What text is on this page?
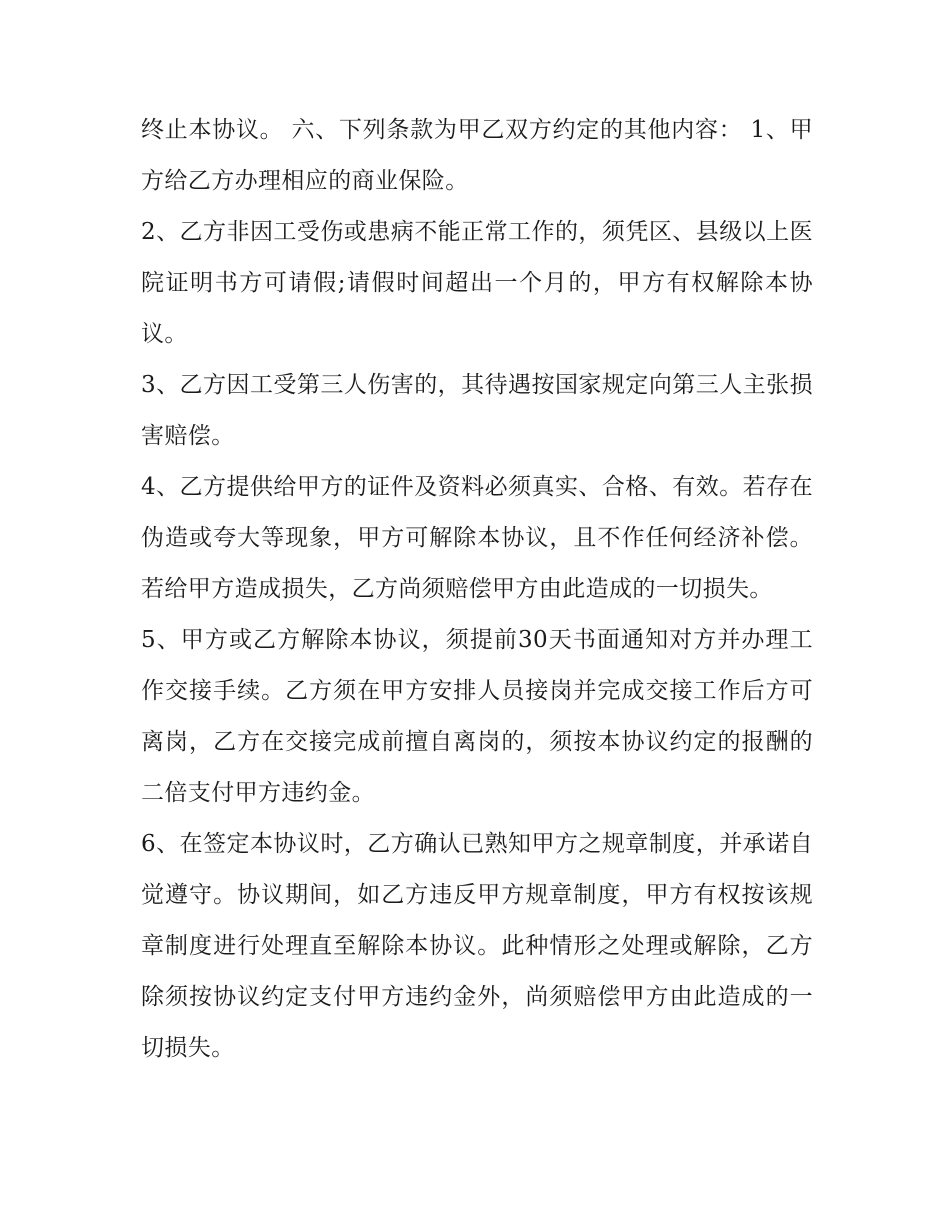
终止本协议。 六、下列条款为甲乙双方约定的其他内容： 1、甲方给乙方办理相应的商业保险。

2、乙方非因工受伤或患病不能正常工作的，须凭区、县级以上医院证明书方可请假;请假时间超出一个月的，甲方有权解除本协议。

3、乙方因工受第三人伤害的，其待遇按国家规定向第三人主张损害赔偿。

4、乙方提供给甲方的证件及资料必须真实、合格、有效。若存在伪造或夸大等现象，甲方可解除本协议，且不作任何经济补偿。若给甲方造成损失，乙方尚须赔偿甲方由此造成的一切损失。

5、甲方或乙方解除本协议，须提前30天书面通知对方并办理工作交接手续。乙方须在甲方安排人员接岗并完成交接工作后方可离岗，乙方在交接完成前擅自离岗的，须按本协议约定的报酬的二倍支付甲方违约金。

6、在签定本协议时，乙方确认已熟知甲方之规章制度，并承诺自觉遵守。协议期间，如乙方违反甲方规章制度，甲方有权按该规章制度进行处理直至解除本协议。此种情形之处理或解除，乙方除须按协议约定支付甲方违约金外，尚须赔偿甲方由此造成的一切损失。
